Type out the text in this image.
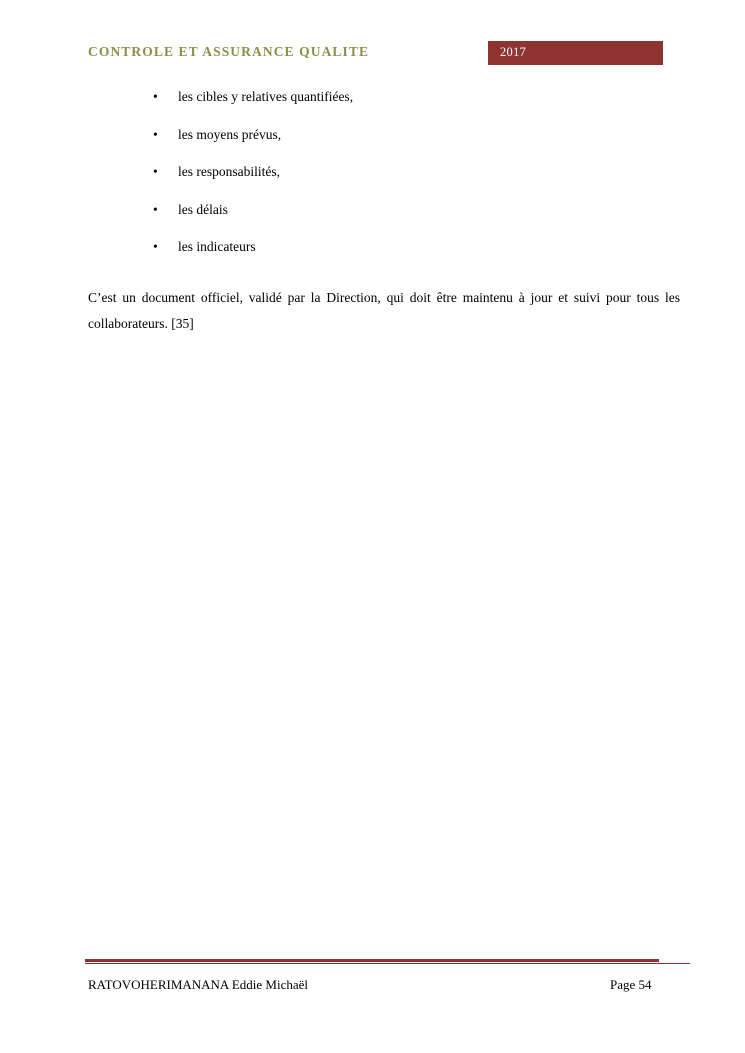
CONTROLE ET ASSURANCE QUALITE	2017
• les cibles y relatives quantifiées,
• les moyens prévus,
• les responsabilités,
• les délais
• les indicateurs
C’est un document officiel, validé par la Direction, qui doit être maintenu à jour et suivi pour tous les collaborateurs. [35]
RATOVOHERIMANANA Eddie Michaël	Page 54
